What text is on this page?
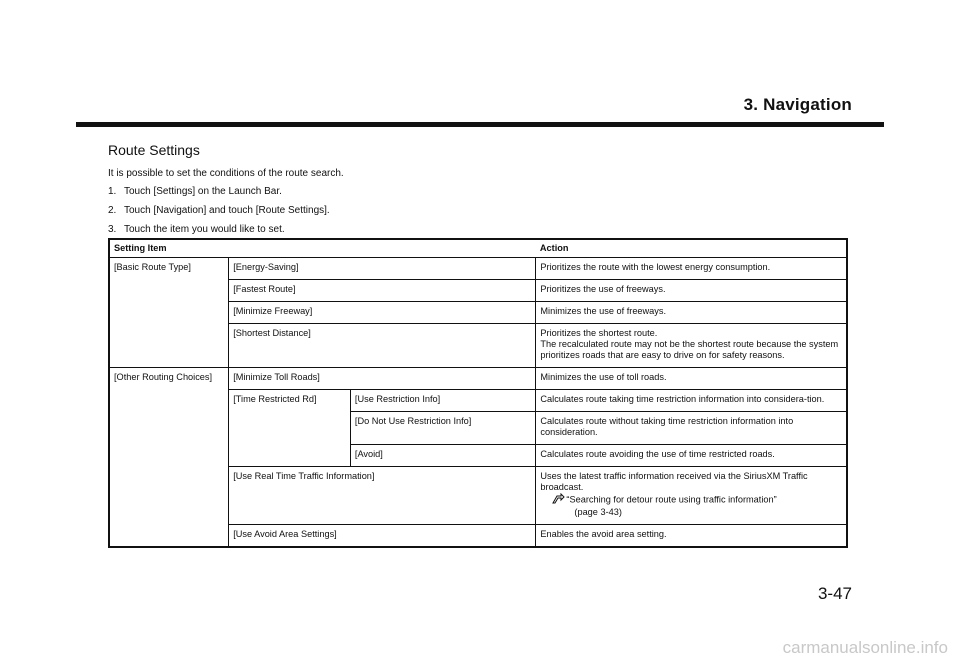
3. Navigation
Route Settings
It is possible to set the conditions of the route search.
1. Touch [Settings] on the Launch Bar.
2. Touch [Navigation] and touch [Route Settings].
3. Touch the item you would like to set.
Setting Item			Action
[Basic Route Type]	[Energy-Saving]		Prioritizes the route with the lowest energy consumption.
	[Fastest Route]		Prioritizes the use of freeways.
	[Minimize Freeway]		Minimizes the use of freeways.
	[Shortest Distance]		Prioritizes the shortest route.
The recalculated route may not be the shortest route because the system prioritizes roads that are easy to drive on for safety reasons.
[Other Routing Choices]	[Minimize Toll Roads]		Minimizes the use of toll roads.
	[Time Restricted Rd]	[Use Restriction Info]	Calculates route taking time restriction information into considera-tion.
		[Do Not Use Restriction Info]	Calculates route without taking time restriction information into consideration.
		[Avoid]	Calculates route avoiding the use of time restricted roads.
	[Use Real Time Traffic Information]		Uses the latest traffic information received via the SiriusXM Traffic broadcast.
“Searching for detour route using traffic information”
(page 3-43)

	[Use Avoid Area Settings]		Enables the avoid area setting.
3-47
carmanualsonline.info
